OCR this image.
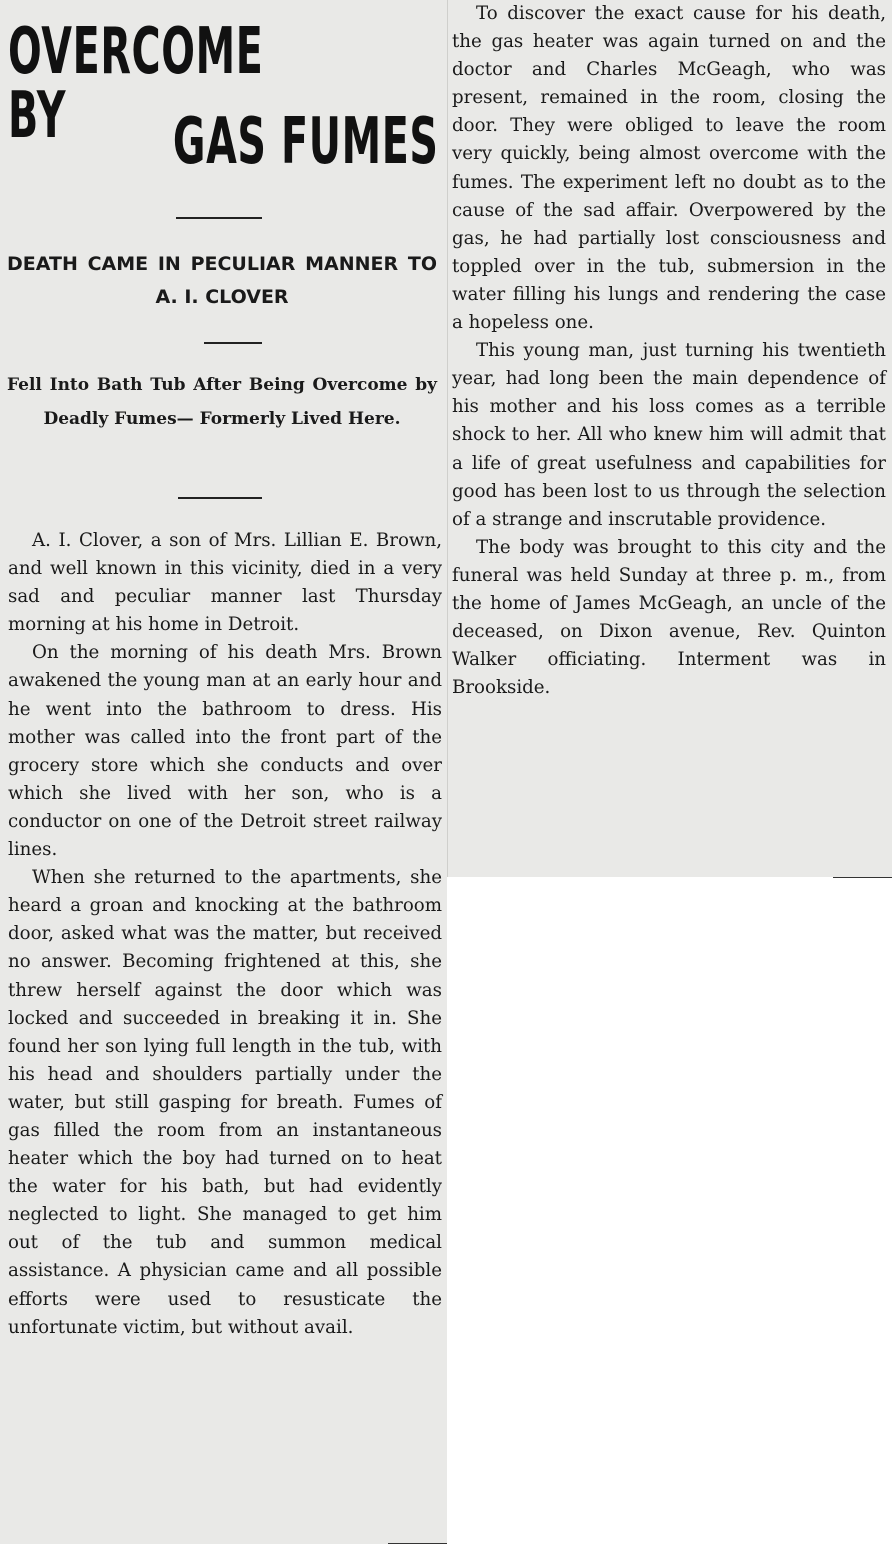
OVERCOME BY	GAS FUMES
DEATH CAME IN PECULIAR MANNER TO A. I. CLOVER
Fell Into Bath Tub After Being Overcome by Deadly Fumes— Formerly Lived Here.

A. I. Clover, a son of Mrs. Lillian E. Brown, and well known in this vicinity, died in a very sad and peculiar manner last Thursday morning at his home in Detroit.

On the morning of his death Mrs. Brown awakened the young man at an early hour and he went into the bathroom to dress. His mother was called into the front part of the grocery store which she conducts and over which she lived with her son, who is a conductor on one of the Detroit street railway lines.

When she returned to the apartments, she heard a groan and knocking at the bathroom door, asked what was the matter, but received no answer. Becoming frightened at this, she threw herself against the door which was locked and succeeded in breaking it in. She found her son lying full length in the tub, with his head and shoulders partially under the water, but still gasping for breath. Fumes of gas filled the room from an instantaneous heater which the boy had turned on to heat the water for his bath, but had evidently neglected to light. She managed to get him out of the tub and summon medical assistance. A physician came and all possible efforts were used to resusticate the unfortunate victim, but without avail.

To discover the exact cause for his death, the gas heater was again turned on and the doctor and Charles McGeagh, who was present, remained in the room, closing the door. They were obliged to leave the room very quickly, being almost overcome with the fumes. The experiment left no doubt as to the cause of the sad affair. Overpowered by the gas, he had partially lost consciousness and toppled over in the tub, submersion in the water filling his lungs and rendering the case a hopeless one.

This young man, just turning his twentieth year, had long been the main dependence of his mother and his loss comes as a terrible shock to her. All who knew him will admit that a life of great usefulness and capabilities for good has been lost to us through the selection of a strange and inscrutable providence.

The body was brought to this city and the funeral was held Sunday at three p. m., from the home of James McGeagh, an uncle of the deceased, on Dixon avenue, Rev. Quinton Walker officiating. Interment was in Brookside.
